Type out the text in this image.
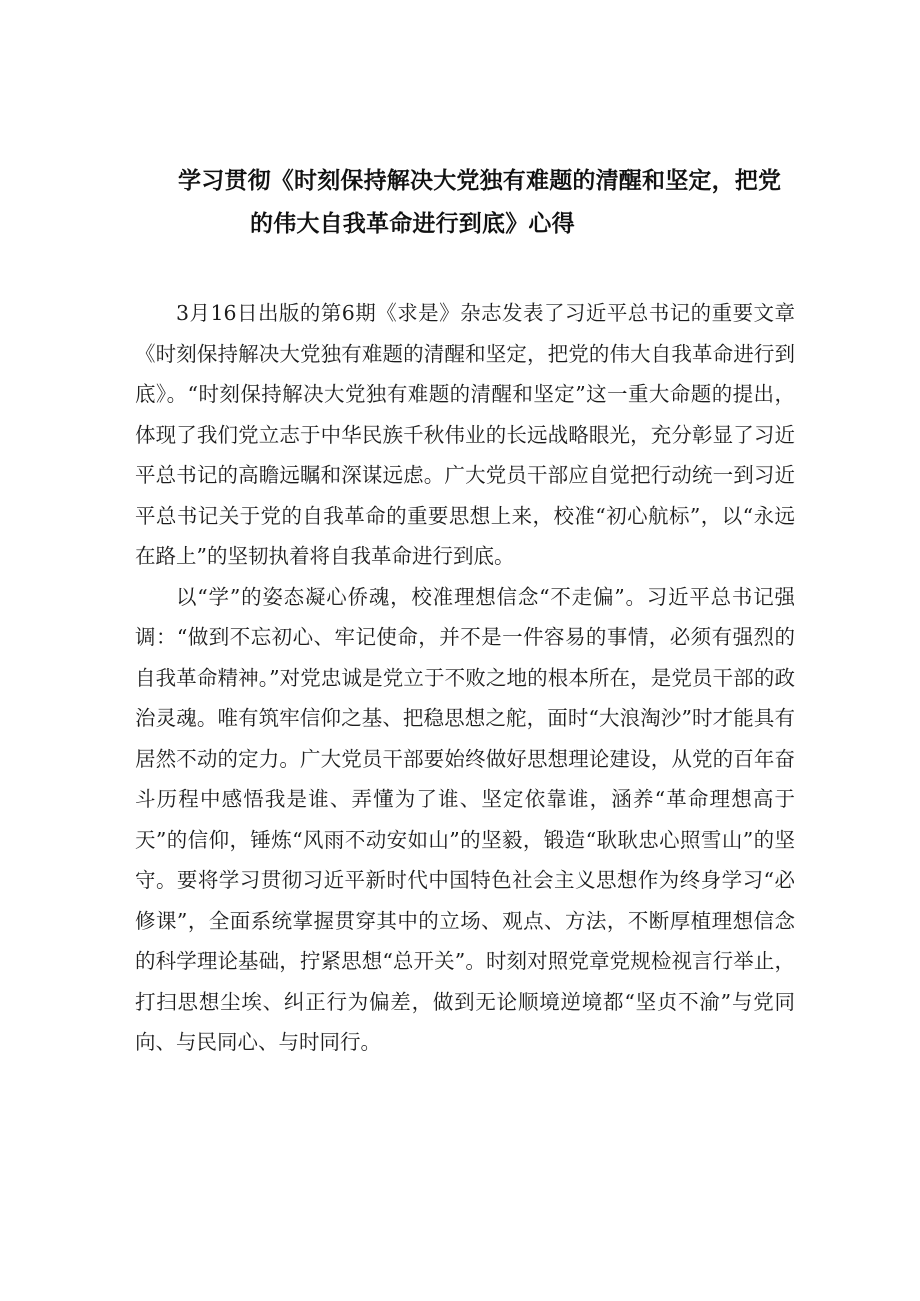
学习贯彻《时刻保持解决大党独有难题的清醒和坚定，把党
的伟大自我革命进行到底》心得

3月16日出版的第6期《求是》杂志发表了习近平总书记的重要文章《时刻保持解决大党独有难题的清醒和坚定，把党的伟大自我革命进行到底》。“时刻保持解决大党独有难题的清醒和坚定”这一重大命题的提出，体现了我们党立志于中华民族千秋伟业的长远战略眼光，充分彰显了习近平总书记的高瞻远瞩和深谋远虑。广大党员干部应自觉把行动统一到习近平总书记关于党的自我革命的重要思想上来，校准“初心航标”，以“永远在路上”的坚韧执着将自我革命进行到底。

以“学”的姿态凝心侨魂，校准理想信念“不走偏”。习近平总书记强调：“做到不忘初心、牢记使命，并不是一件容易的事情，必须有强烈的自我革命精神。”对党忠诚是党立于不败之地的根本所在，是党员干部的政治灵魂。唯有筑牢信仰之基、把稳思想之舵，面时“大浪淘沙”时才能具有居然不动的定力。广大党员干部要始终做好思想理论建设，从党的百年奋斗历程中感悟我是谁、弄懂为了谁、坚定依靠谁，涵养“革命理想高于天”的信仰，锤炼“风雨不动安如山”的坚毅，锻造“耿耿忠心照雪山”的坚守。要将学习贯彻习近平新时代中国特色社会主义思想作为终身学习“必修课”，全面系统掌握贯穿其中的立场、观点、方法，不断厚植理想信念的科学理论基础，拧紧思想“总开关”。时刻对照党章党规检视言行举止，打扫思想尘埃、纠正行为偏差，做到无论顺境逆境都“坚贞不渝”与党同向、与民同心、与时同行。
